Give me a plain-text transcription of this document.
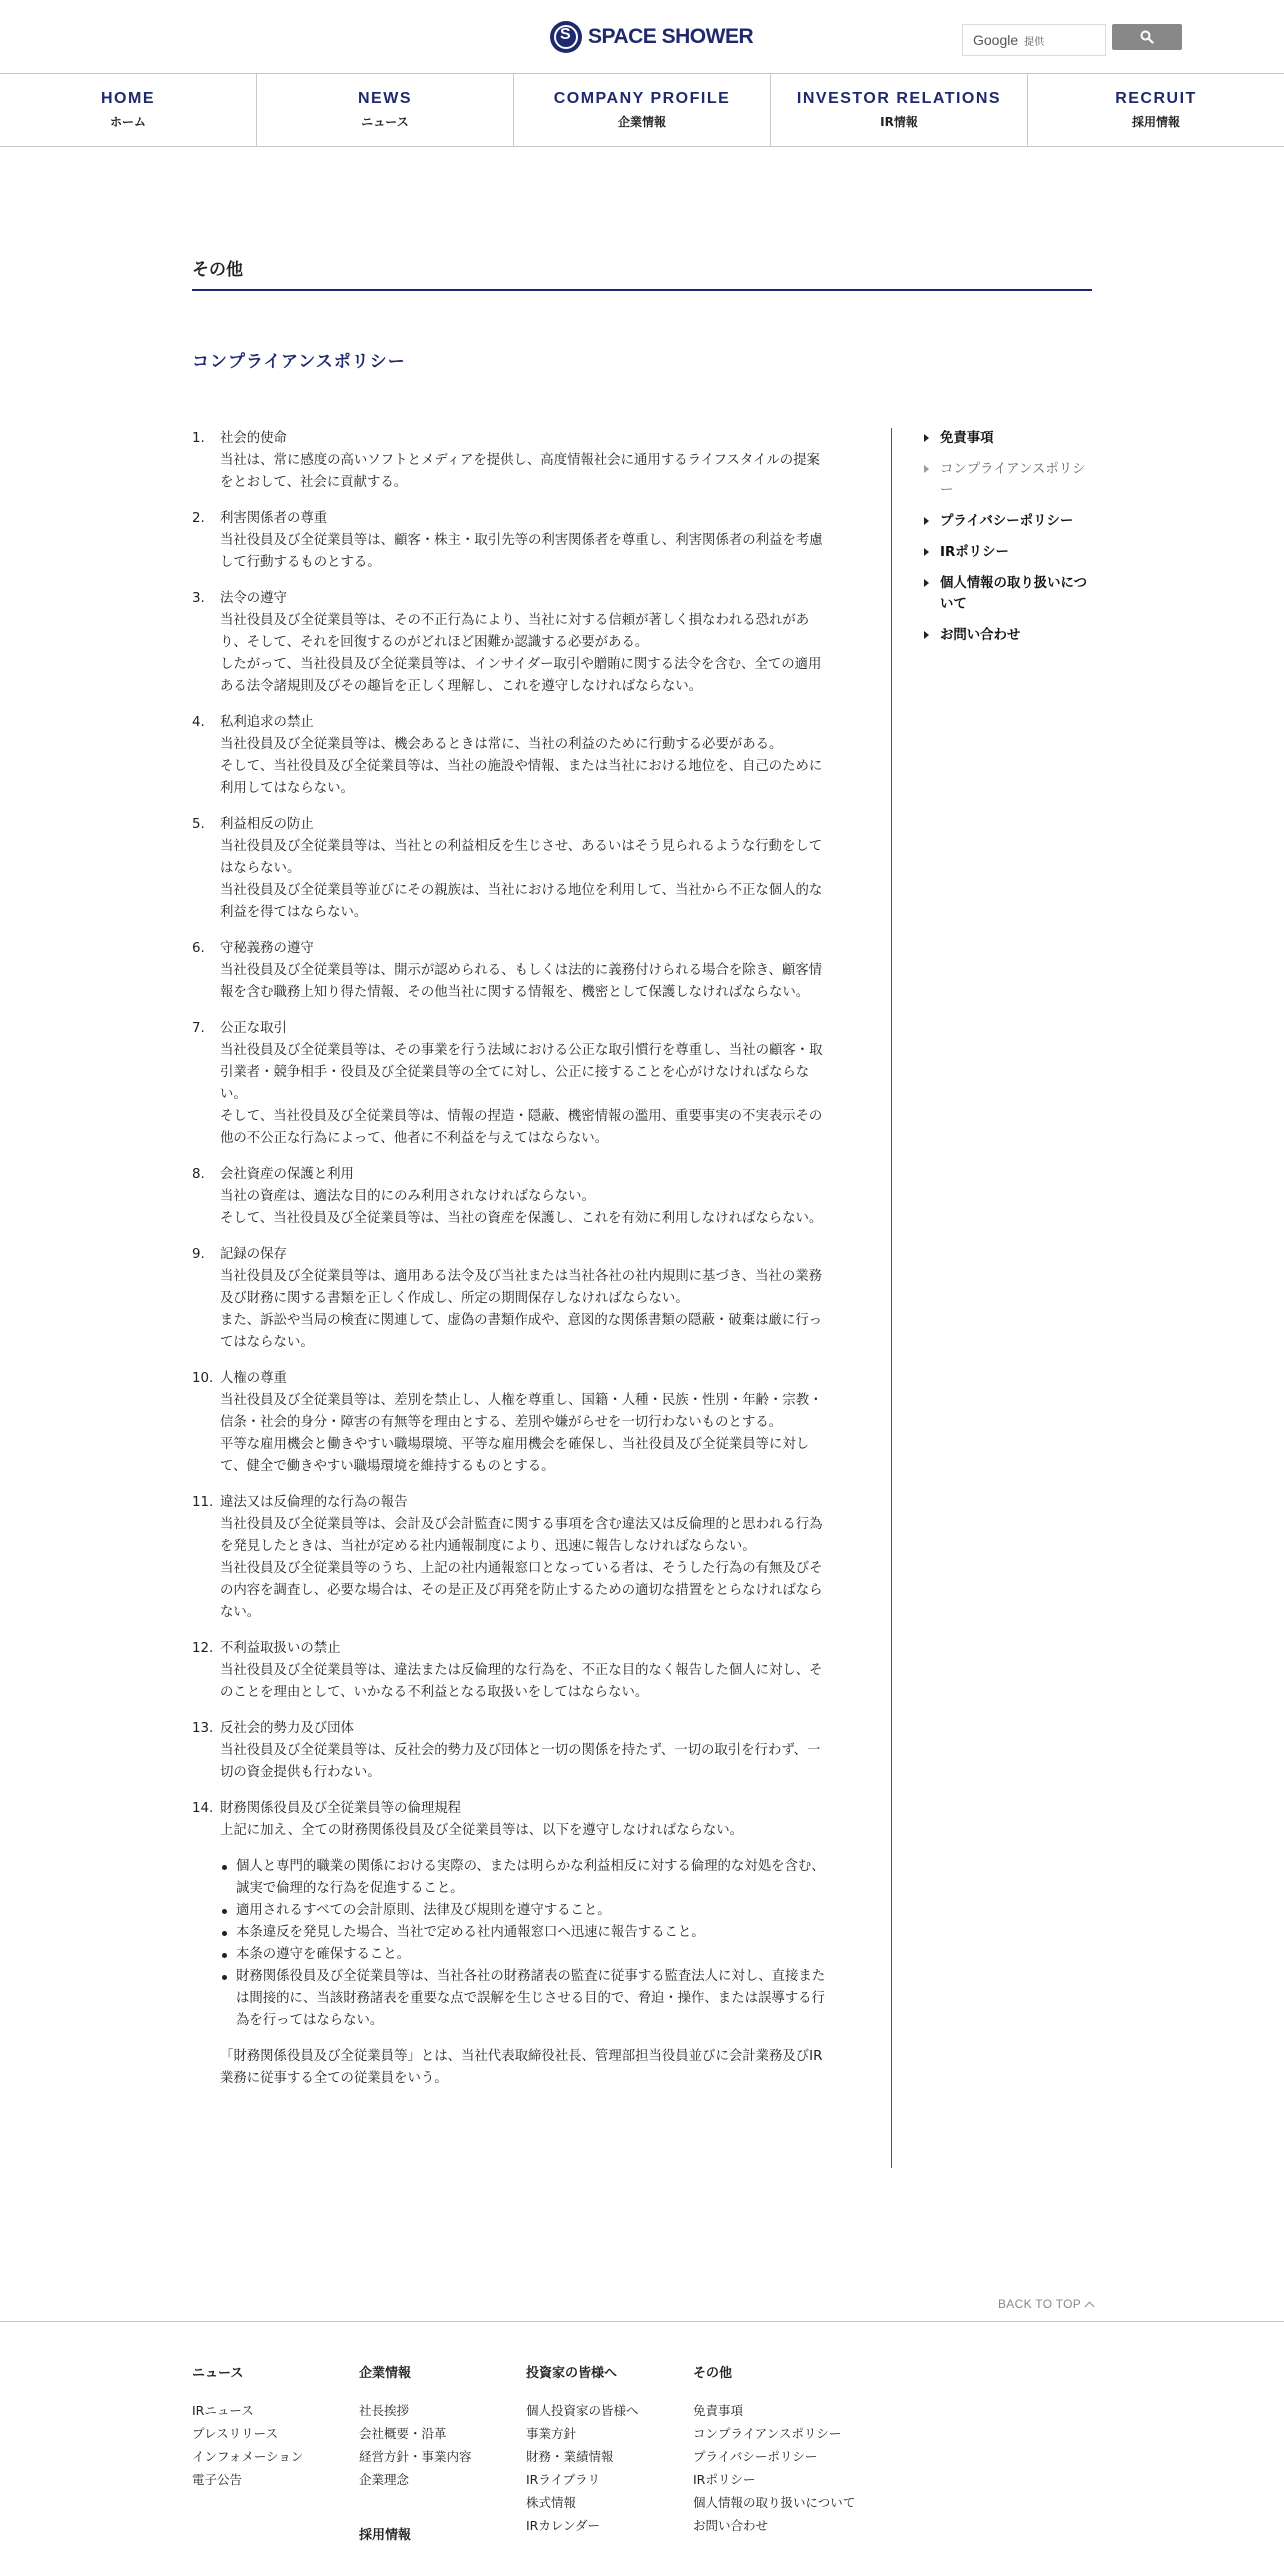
S
SPACE SHOWER	Google 提供
HOME
ホーム
NEWS
ニュース
COMPANY PROFILE
企業情報
INVESTOR RELATIONS
IR情報
RECRUIT
採用情報
その他
コンプライアンスポリシー
1.	社会的使命
当社は、常に感度の高いソフトとメディアを提供し、高度情報社会に通用するライフスタイルの提案をとおして、社会に貢献する。
2.	利害関係者の尊重
当社役員及び全従業員等は、顧客・株主・取引先等の利害関係者を尊重し、利害関係者の利益を考慮して行動するものとする。
3.	法令の遵守
当社役員及び全従業員等は、その不正行為により、当社に対する信頼が著しく損なわれる恐れがあり、そして、それを回復するのがどれほど困難か認識する必要がある。
したがって、当社役員及び全従業員等は、インサイダー取引や贈賄に関する法令を含む、全ての適用ある法令諸規則及びその趣旨を正しく理解し、これを遵守しなければならない。
4.	私利追求の禁止
当社役員及び全従業員等は、機会あるときは常に、当社の利益のために行動する必要がある。
そして、当社役員及び全従業員等は、当社の施設や情報、または当社における地位を、自己のために利用してはならない。
5.	利益相反の防止
当社役員及び全従業員等は、当社との利益相反を生じさせ、あるいはそう見られるような行動をしてはならない。
当社役員及び全従業員等並びにその親族は、当社における地位を利用して、当社から不正な個人的な利益を得てはならない。
6.	守秘義務の遵守
当社役員及び全従業員等は、開示が認められる、もしくは法的に義務付けられる場合を除き、顧客情報を含む職務上知り得た情報、その他当社に関する情報を、機密として保護しなければならない。
7.	公正な取引
当社役員及び全従業員等は、その事業を行う法域における公正な取引慣行を尊重し、当社の顧客・取引業者・競争相手・役員及び全従業員等の全てに対し、公正に接することを心がけなければならない。
そして、当社役員及び全従業員等は、情報の捏造・隠蔽、機密情報の濫用、重要事実の不実表示その他の不公正な行為によって、他者に不利益を与えてはならない。
8.	会社資産の保護と利用
当社の資産は、適法な目的にのみ利用されなければならない。
そして、当社役員及び全従業員等は、当社の資産を保護し、これを有効に利用しなければならない。
9.	記録の保存
当社役員及び全従業員等は、適用ある法令及び当社または当社各社の社内規則に基づき、当社の業務及び財務に関する書類を正しく作成し、所定の期間保存しなければならない。
また、訴訟や当局の検査に関連して、虚偽の書類作成や、意図的な関係書類の隠蔽・破棄は厳に行ってはならない。
10. 人権の尊重
当社役員及び全従業員等は、差別を禁止し、人権を尊重し、国籍・人種・民族・性別・年齢・宗教・信条・社会的身分・障害の有無等を理由とする、差別や嫌がらせを一切行わないものとする。
平等な雇用機会と働きやすい職場環境、平等な雇用機会を確保し、当社役員及び全従業員等に対して、健全で働きやすい職場環境を維持するものとする。
11. 違法又は反倫理的な行為の報告
当社役員及び全従業員等は、会計及び会計監査に関する事項を含む違法又は反倫理的と思われる行為を発見したときは、当社が定める社内通報制度により、迅速に報告しなければならない。
当社役員及び全従業員等のうち、上記の社内通報窓口となっている者は、そうした行為の有無及びその内容を調査し、必要な場合は、その是正及び再発を防止するための適切な措置をとらなければならない。
12. 不利益取扱いの禁止
当社役員及び全従業員等は、違法または反倫理的な行為を、不正な目的なく報告した個人に対し、そのことを理由として、いかなる不利益となる取扱いをしてはならない。
13. 反社会的勢力及び団体
当社役員及び全従業員等は、反社会的勢力及び団体と一切の関係を持たず、一切の取引を行わず、一切の資金提供も行わない。
14. 財務関係役員及び全従業員等の倫理規程
上記に加え、全ての財務関係役員及び全従業員等は、以下を遵守しなければならない。
個人と専門的職業の関係における実際の、または明らかな利益相反に対する倫理的な対処を含む、誠実で倫理的な行為を促進すること。
適用されるすべての会計原則、法律及び規則を遵守すること。
本条違反を発見した場合、当社で定める社内通報窓口へ迅速に報告すること。
本条の遵守を確保すること。
財務関係役員及び全従業員等は、当社各社の財務諸表の監査に従事する監査法人に対し、直接または間接的に、当該財務諸表を重要な点で誤解を生じさせる目的で、脅迫・操作、または誤導する行為を行ってはならない。
「財務関係役員及び全従業員等」とは、当社代表取締役社長、管理部担当役員並びに会計業務及びIR業務に従事する全ての従業員をいう。
免責事項
コンプライアンスポリシー
プライバシーポリシー
IRポリシー
個人情報の取り扱いについて
お問い合わせ
BACK TO TOP
ニュース
IRニュース
プレスリリース
インフォメーション
電子公告
企業情報
社長挨拶
会社概要・沿革
経営方針・事業内容
企業理念
採用情報
投資家の皆様へ
個人投資家の皆様へ
事業方針
財務・業績情報
IRライブラリ
株式情報
IRカレンダー
その他
免責事項
コンプライアンスポリシー
プライバシーポリシー
IRポリシー
個人情報の取り扱いについて
お問い合わせ
